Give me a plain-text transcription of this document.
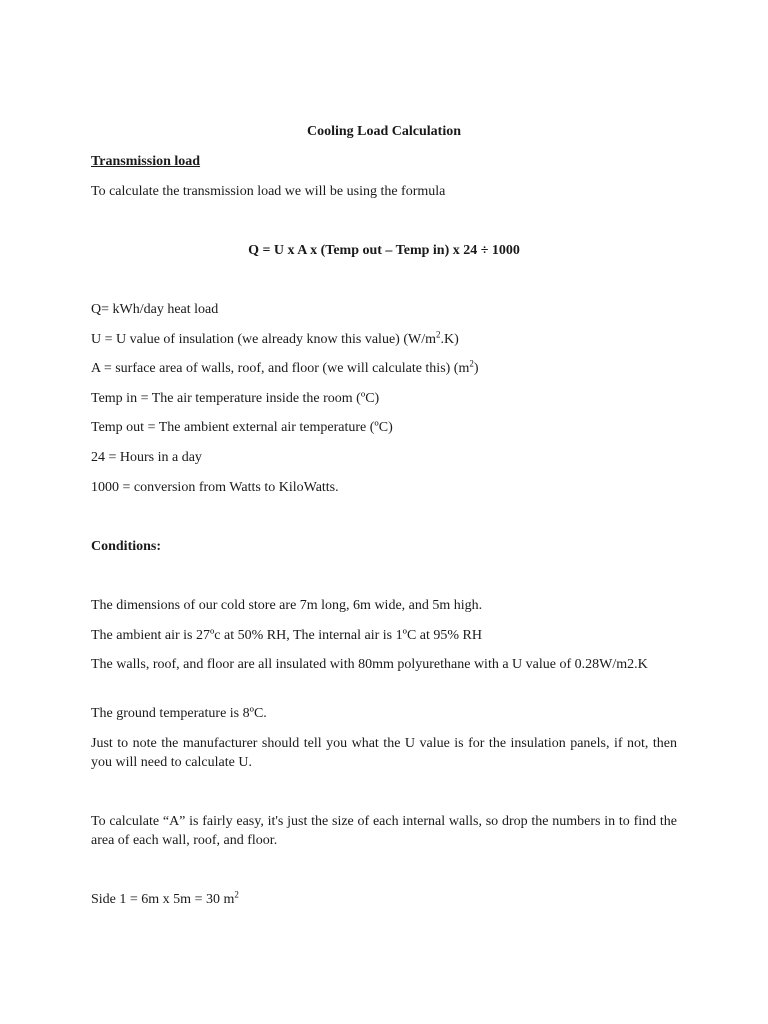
Cooling Load Calculation
Transmission load
To calculate the transmission load we will be using the formula
Q = U x A x (Temp out – Temp in) x 24 ÷ 1000
Q= kWh/day heat load
U = U value of insulation (we already know this value) $(W/m^2.K)$
A = surface area of walls, roof, and floor (we will calculate this) $(m^2)$
Temp in = The air temperature inside the room (ºC)
Temp out = The ambient external air temperature (ºC)
24 = Hours in a day
1000 = conversion from Watts to KiloWatts.
Conditions:
The dimensions of our cold store are 7m long, 6m wide, and 5m high.
The ambient air is 27ºc at 50% RH, The internal air is 1ºC at 95% RH
The walls, roof, and floor are all insulated with 80mm polyurethane with a U value of 0.28W/m2.K
The ground temperature is 8ºC.
Just to note the manufacturer should tell you what the U value is for the insulation panels, if not, then you will need to calculate U.
To calculate “A” is fairly easy, it's just the size of each internal walls, so drop the numbers in to find the area of each wall, roof, and floor.
Side 1 = 6m x 5m = 30 $m^2$
